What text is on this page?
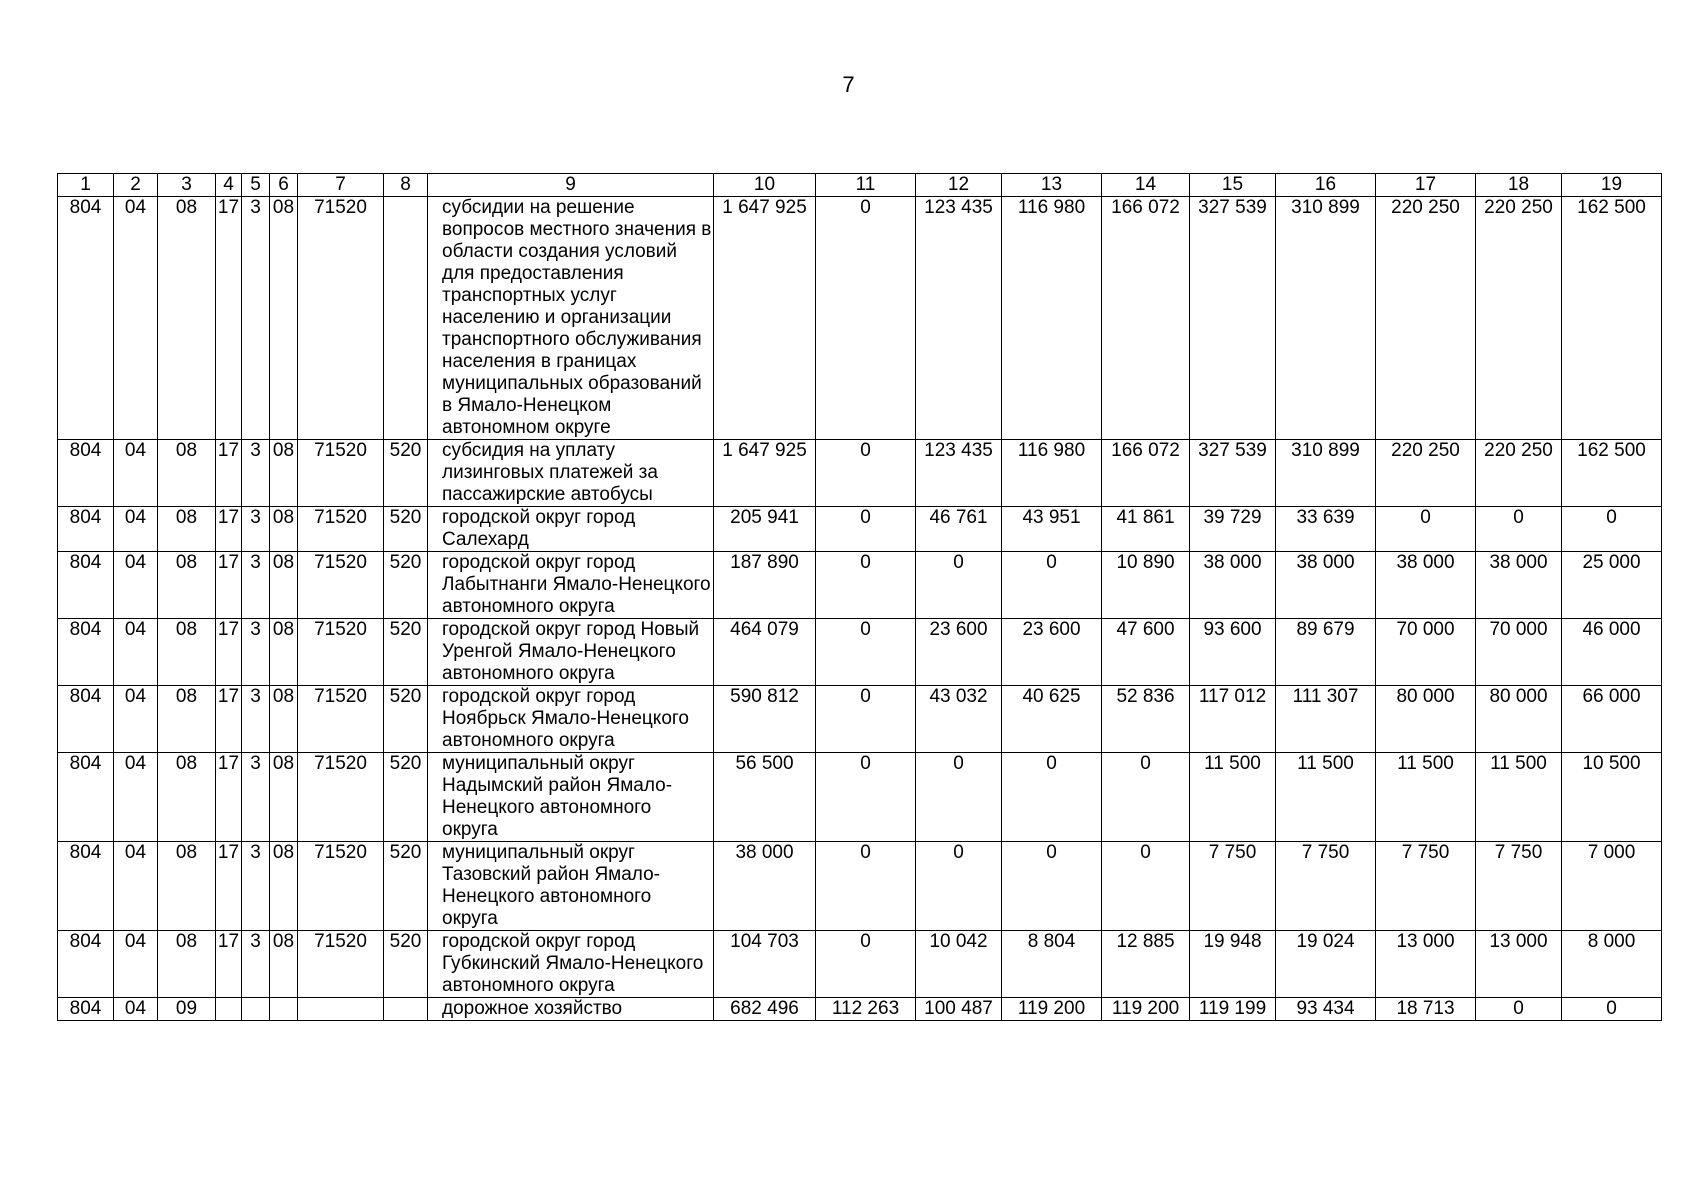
7
1	2	3	4	5	6	7	8	9	10	11	12	13	14	15	16	17	18	19
804	04	08	17	3	08	71520		субсидии на решение вопросов местного значения в области создания условий для предоставления транспортных услуг населению и организации транспортного обслуживания населения в границах муниципальных образований в Ямало-Ненецком автономном округе	1 647 925	0	123 435	116 980	166 072	327 539	310 899	220 250	220 250	162 500
804	04	08	17	3	08	71520	520	субсидия на уплату лизинговых платежей за пассажирские автобусы	1 647 925	0	123 435	116 980	166 072	327 539	310 899	220 250	220 250	162 500
804	04	08	17	3	08	71520	520	городской округ город Салехард	205 941	0	46 761	43 951	41 861	39 729	33 639	0	0	0
804	04	08	17	3	08	71520	520	городской округ город Лабытнанги Ямало-Ненецкого автономного округа	187 890	0	0	0	10 890	38 000	38 000	38 000	38 000	25 000
804	04	08	17	3	08	71520	520	городской округ город Новый Уренгой Ямало-Ненецкого автономного округа	464 079	0	23 600	23 600	47 600	93 600	89 679	70 000	70 000	46 000
804	04	08	17	3	08	71520	520	городской округ город Ноябрьск Ямало-Ненецкого автономного округа	590 812	0	43 032	40 625	52 836	117 012	111 307	80 000	80 000	66 000
804	04	08	17	3	08	71520	520	муниципальный округ Надымский район Ямало-Ненецкого автономного округа	56 500	0	0	0	0	11 500	11 500	11 500	11 500	10 500
804	04	08	17	3	08	71520	520	муниципальный округ Тазовский район Ямало-Ненецкого автономного округа	38 000	0	0	0	0	7 750	7 750	7 750	7 750	7 000
804	04	08	17	3	08	71520	520	городской округ город Губкинский Ямало-Ненецкого автономного округа	104 703	0	10 042	8 804	12 885	19 948	19 024	13 000	13 000	8 000
804	04	09						дорожное хозяйство	682 496	112 263	100 487	119 200	119 200	119 199	93 434	18 713	0	0
